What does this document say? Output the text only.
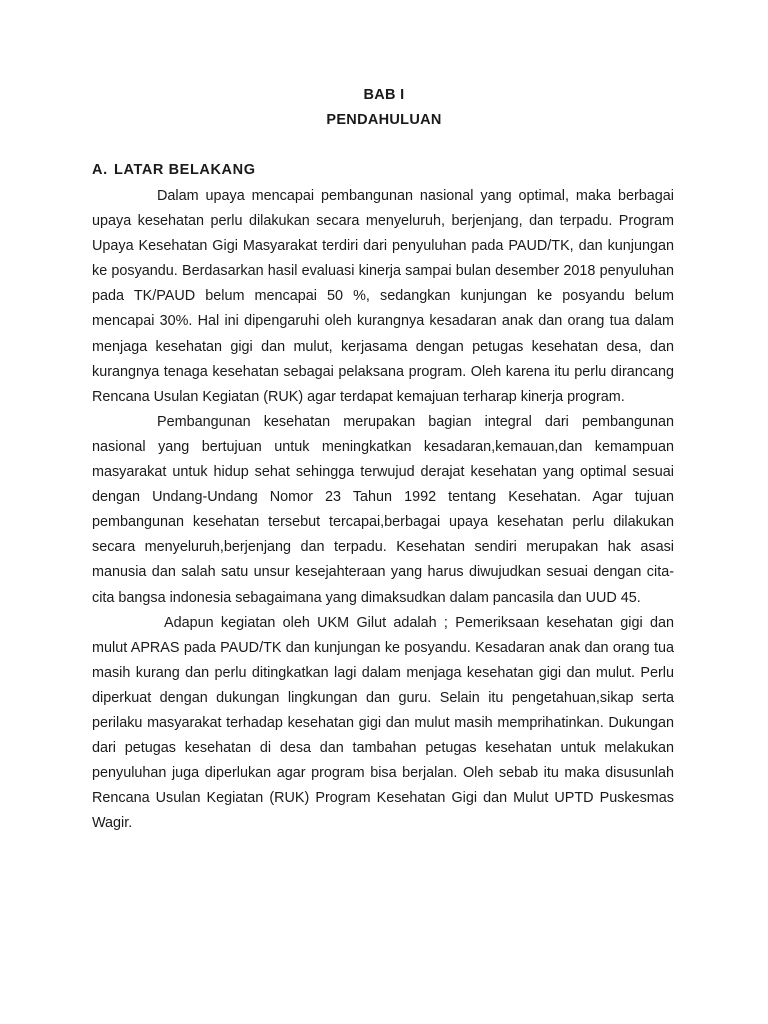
BAB I
PENDAHULUAN
A. LATAR BELAKANG

Dalam upaya mencapai pembangunan nasional yang optimal, maka berbagai upaya kesehatan perlu dilakukan secara menyeluruh, berjenjang, dan terpadu. Program Upaya Kesehatan Gigi Masyarakat terdiri dari penyuluhan pada PAUD/TK, dan kunjungan ke posyandu. Berdasarkan hasil evaluasi kinerja sampai bulan desember 2018 penyuluhan pada TK/PAUD belum mencapai 50 %, sedangkan kunjungan ke posyandu belum mencapai 30%. Hal ini dipengaruhi oleh kurangnya kesadaran anak dan orang tua dalam menjaga kesehatan gigi dan mulut, kerjasama dengan petugas kesehatan desa, dan kurangnya tenaga kesehatan sebagai pelaksana program. Oleh karena itu perlu dirancang Rencana Usulan Kegiatan (RUK) agar terdapat kemajuan terharap kinerja program.

Pembangunan kesehatan merupakan bagian integral dari pembangunan nasional yang bertujuan untuk meningkatkan kesadaran,kemauan,dan kemampuan masyarakat untuk hidup sehat sehingga terwujud derajat kesehatan yang optimal sesuai dengan Undang-Undang Nomor 23 Tahun 1992 tentang Kesehatan. Agar tujuan pembangunan kesehatan tersebut tercapai,berbagai upaya kesehatan perlu dilakukan secara menyeluruh,berjenjang dan terpadu. Kesehatan sendiri merupakan hak asasi manusia dan salah satu unsur kesejahteraan yang harus diwujudkan sesuai dengan cita-cita bangsa indonesia sebagaimana yang dimaksudkan dalam pancasila dan UUD 45.

Adapun kegiatan oleh UKM Gilut adalah ; Pemeriksaan kesehatan gigi dan mulut APRAS pada PAUD/TK dan kunjungan ke posyandu. Kesadaran anak dan orang tua masih kurang dan perlu ditingkatkan lagi dalam menjaga kesehatan gigi dan mulut. Perlu diperkuat dengan dukungan lingkungan dan guru. Selain itu pengetahuan,sikap serta perilaku masyarakat terhadap kesehatan gigi dan mulut masih memprihatinkan. Dukungan dari petugas kesehatan di desa dan tambahan petugas kesehatan untuk melakukan penyuluhan juga diperlukan agar program bisa berjalan. Oleh sebab itu maka disusunlah Rencana Usulan Kegiatan (RUK) Program Kesehatan Gigi dan Mulut UPTD Puskesmas Wagir.
